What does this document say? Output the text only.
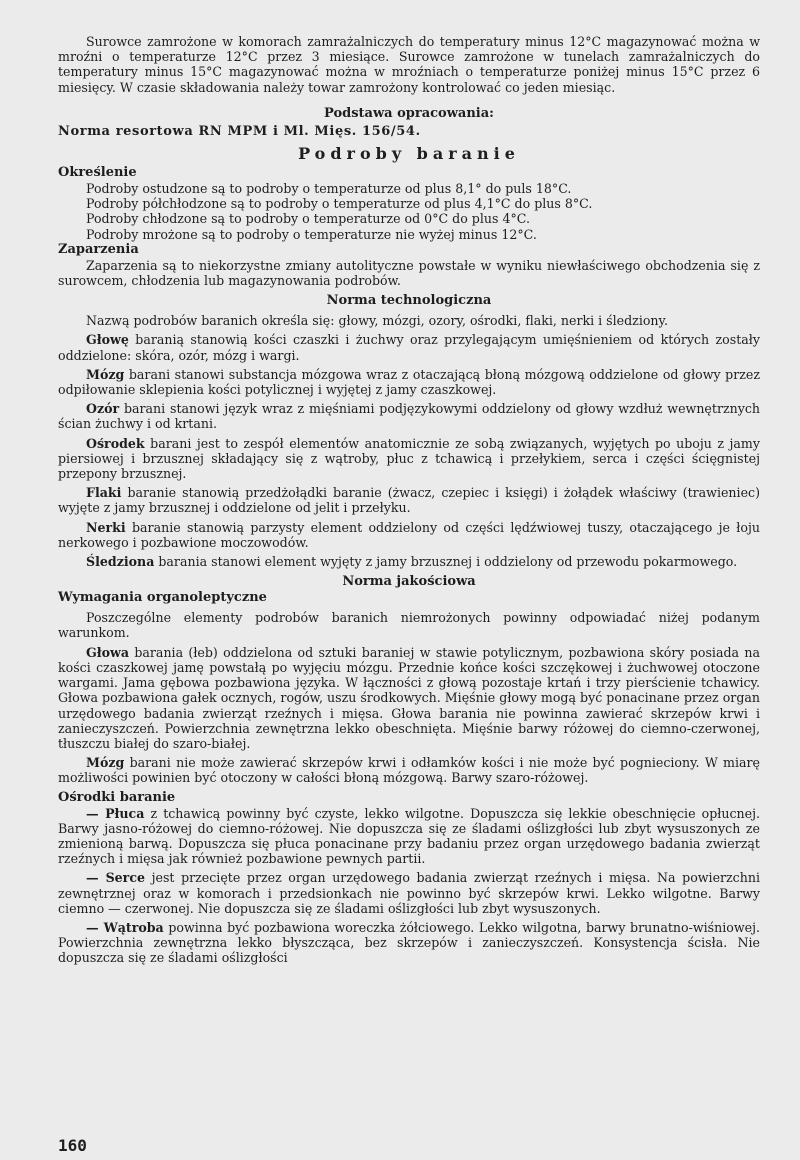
Surowce zamrożone w komorach zamrażalniczych do temperatury minus 12°C magazynować można w mroźni o temperaturze 12°C przez 3 miesiące. Surowce zamrożone w tunelach zamrażalniczych do temperatury minus 15°C magazynować można w mroźniach o temperaturze poniżej minus 15°C przez 6 miesięcy. W czasie składowania należy towar zamrożony kontrolować co jeden miesiąc.

Podstawa opracowania:

Norma resortowa RN MPM i Ml. Mięs. 156/54.

Podroby baranie
Określenie

Podroby ostudzone są to podroby o temperaturze od plus 8,1° do puls 18°C.

Podroby półchłodzone są to podroby o temperaturze od plus 4,1°C do plus 8°C.

Podroby chłodzone są to podroby o temperaturze od 0°C do plus 4°C.

Podroby mrożone są to podroby o temperaturze nie wyżej minus 12°C.

Zaparzenia

Zaparzenia są to niekorzystne zmiany autolityczne powstałe w wyniku niewłaściwego obchodzenia się z surowcem, chłodzenia lub magazynowania podrobów.

Norma technologiczna

Nazwą podrobów baranich określa się: głowy, mózgi, ozory, ośrodki, flaki, nerki i śledziony.

Głowę baranią stanowią kości czaszki i żuchwy oraz przylegającym umięśnieniem od których zostały oddzielone: skóra, ozór, mózg i wargi.

Mózg barani stanowi substancja mózgowa wraz z otaczającą błoną mózgową oddzielone od głowy przez odpiłowanie sklepienia kości potylicznej i wyjętej z jamy czaszkowej.

Ozór barani stanowi język wraz z mięśniami podjęzykowymi oddzielony od głowy wzdłuż wewnętrznych ścian żuchwy i od krtani.

Ośrodek barani jest to zespół elementów anatomicznie ze sobą związanych, wyjętych po uboju z jamy piersiowej i brzusznej składający się z wątroby, płuc z tchawicą i przełykiem, serca i części ścięgnistej przepony brzusznej.

Flaki baranie stanowią przedżołądki baranie (żwacz, czepiec i księgi) i żołądek właściwy (trawieniec) wyjęte z jamy brzusznej i oddzielone od jelit i przełyku.

Nerki baranie stanowią parzysty element oddzielony od części lędźwiowej tuszy, otaczającego je łoju nerkowego i pozbawione moczowodów.

Śledziona barania stanowi element wyjęty z jamy brzusznej i oddzielony od przewodu pokarmowego.

Norma jakościowa
Wymagania organoleptyczne

Poszczególne elementy podrobów baranich niemrożonych powinny odpowiadać niżej podanym warunkom.

Głowa barania (łeb) oddzielona od sztuki baraniej w stawie potylicznym, pozbawiona skóry posiada na kości czaszkowej jamę powstałą po wyjęciu mózgu. Przednie końce kości szczękowej i żuchwowej otoczone wargami. Jama gębowa pozbawiona języka. W łączności z głową pozostaje krtań i trzy pierścienie tchawicy. Głowa pozbawiona gałek ocznych, rogów, uszu środkowych. Mięśnie głowy mogą być ponacinane przez organ urzędowego badania zwierząt rzeźnych i mięsa. Głowa barania nie powinna zawierać skrzepów krwi i zanieczyszczeń. Powierzchnia zewnętrzna lekko obeschnięta. Mięśnie barwy różowej do ciemno-czerwonej, tłuszczu białej do szaro-białej.

Mózg barani nie może zawierać skrzepów krwi i odłamków kości i nie może być pognieciony. W miarę możliwości powinien być otoczony w całości błoną mózgową. Barwy szaro-różowej.

Ośrodki baranie

— Płuca z tchawicą powinny być czyste, lekko wilgotne. Dopuszcza się lekkie obeschnięcie opłucnej. Barwy jasno-różowej do ciemno-różowej. Nie dopuszcza się ze śladami oślizgłości lub zbyt wysuszonych ze zmienioną barwą. Dopuszcza się płuca ponacinane przy badaniu przez organ urzędowego badania zwierząt rzeźnych i mięsa jak również pozbawione pewnych partii.

— Serce jest przecięte przez organ urzędowego badania zwierząt rzeźnych i mięsa. Na powierzchni zewnętrznej oraz w komorach i przedsionkach nie powinno być skrzepów krwi. Lekko wilgotne. Barwy ciemno — czerwonej. Nie dopuszcza się ze śladami oślizgłości lub zbyt wysuszonych.

— Wątroba powinna być pozbawiona woreczka żółciowego. Lekko wilgotna, barwy brunatno-wiśniowej. Powierzchnia zewnętrzna lekko błyszcząca, bez skrzepów i zanieczyszczeń. Konsystencja ścisła. Nie dopuszcza się ze śladami oślizgłości

160
